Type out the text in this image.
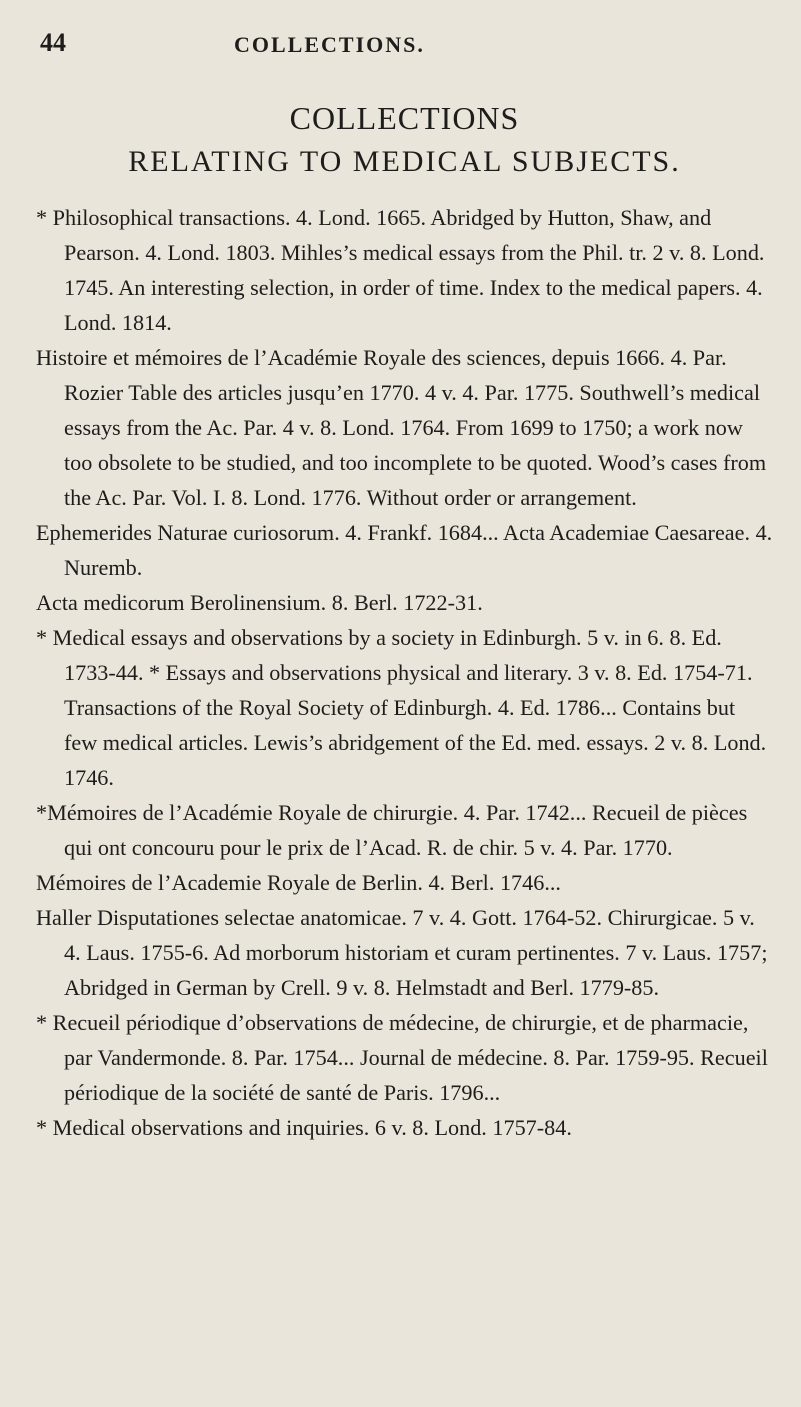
44	COLLECTIONS.
COLLECTIONS
RELATING TO MEDICAL SUBJECTS.

* Philosophical transactions. 4. Lond. 1665. Abridged by Hutton, Shaw, and Pearson. 4. Lond. 1803. Mihles’s medical essays from the Phil. tr. 2 v. 8. Lond. 1745. An interesting selection, in order of time. Index to the medical papers. 4. Lond. 1814.

Histoire et mémoires de l’Académie Royale des sciences, depuis 1666. 4. Par. Rozier Table des articles jusqu’en 1770. 4 v. 4. Par. 1775. Southwell’s medical essays from the Ac. Par. 4 v. 8. Lond. 1764. From 1699 to 1750; a work now too obsolete to be studied, and too incomplete to be quoted. Wood’s cases from the Ac. Par. Vol. I. 8. Lond. 1776. Without order or arrangement.

Ephemerides Naturae curiosorum. 4. Frankf. 1684... Acta Academiae Caesareae. 4. Nuremb.

Acta medicorum Berolinensium. 8. Berl. 1722-31.

* Medical essays and observations by a society in Edinburgh. 5 v. in 6. 8. Ed. 1733-44. * Essays and observations physical and literary. 3 v. 8. Ed. 1754-71. Transactions of the Royal Society of Edinburgh. 4. Ed. 1786... Contains but few medical articles. Lewis’s abridgement of the Ed. med. essays. 2 v. 8. Lond. 1746.

*Mémoires de l’Académie Royale de chirurgie. 4. Par. 1742... Recueil de pièces qui ont concouru pour le prix de l’Acad. R. de chir. 5 v. 4. Par. 1770.

Mémoires de l’Academie Royale de Berlin. 4. Berl. 1746...

Haller Disputationes selectae anatomicae. 7 v. 4. Gott. 1764-52. Chirurgicae. 5 v. 4. Laus. 1755-6. Ad morborum historiam et curam pertinentes. 7 v. Laus. 1757; Abridged in German by Crell. 9 v. 8. Helmstadt and Berl. 1779-85.

* Recueil périodique d’observations de médecine, de chirurgie, et de pharmacie, par Vandermonde. 8. Par. 1754... Journal de médecine. 8. Par. 1759-95. Recueil périodique de la société de santé de Paris. 1796...

* Medical observations and inquiries. 6 v. 8. Lond. 1757-84.
